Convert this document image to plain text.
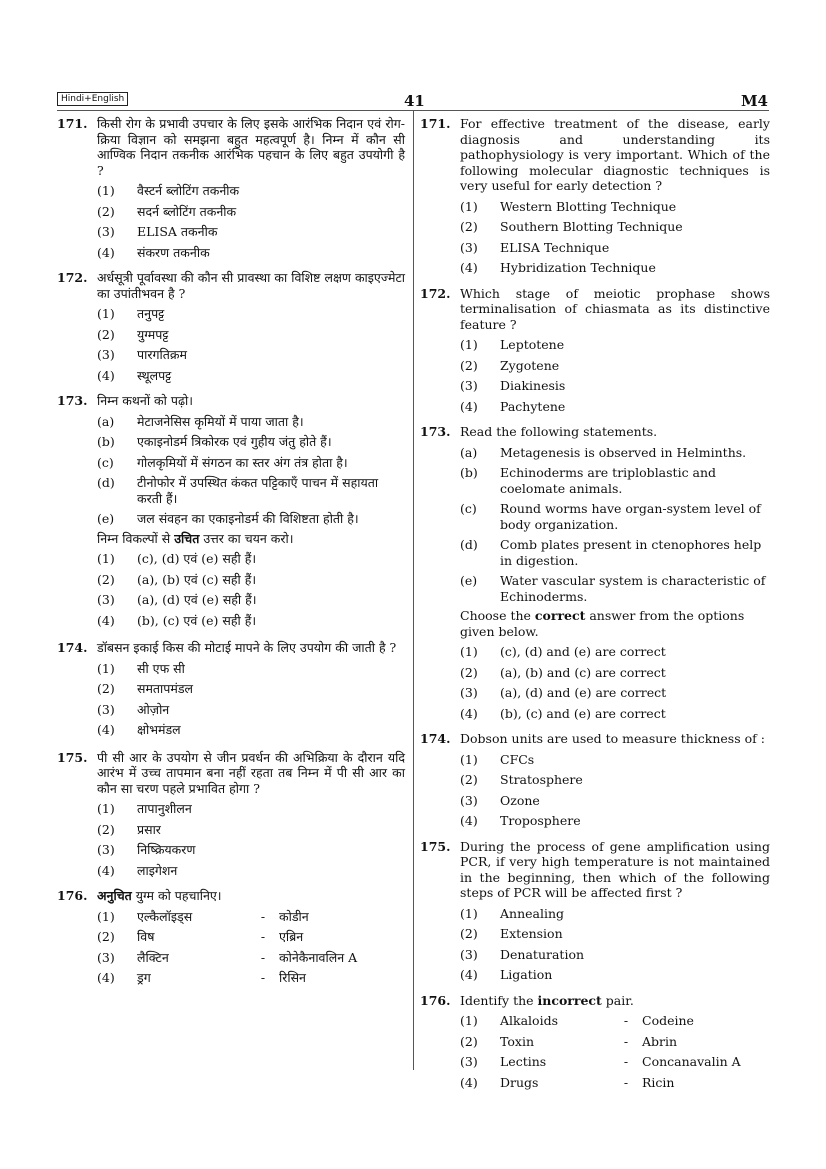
Hindi+English	41	M4
171. किसी रोग के प्रभावी उपचार के लिए इसके आरंभिक निदान एवं रोग-क्रिया विज्ञान को समझना बहुत महत्वपूर्ण है। निम्न में कौन सी आण्विक निदान तकनीक आरंभिक पहचान के लिए बहुत उपयोगी है ?
(1)	वैस्टर्न ब्लोटिंग तकनीक
(2)	सदर्न ब्लोटिंग तकनीक
(3)	ELISA तकनीक
(4)	संकरण तकनीक
172. अर्धसूत्री पूर्वावस्था की कौन सी प्रावस्था का विशिष्ट लक्षण काइएज्मेटा का उपांतीभवन है ?
(1)	तनुपट्ट
(2)	युग्मपट्ट
(3)	पारगतिक्रम
(4)	स्थूलपट्ट
173. निम्न कथनों को पढ़ो।
(a)	मेटाजनेसिस कृमियों में पाया जाता है।
(b)	एकाइनोडर्म त्रिकोरक एवं गुहीय जंतु होते हैं।
(c)	गोलकृमियों में संगठन का स्तर अंग तंत्र होता है।
(d)	टीनोफोर में उपस्थित कंकत पट्टिकाएँ पाचन में सहायता करती हैं।
(e)	जल संवहन का एकाइनोडर्म की विशिष्टता होती है।
निम्न विकल्पों से उचित उत्तर का चयन करो।
(1)	(c), (d) एवं (e) सही हैं।
(2)	(a), (b) एवं (c) सही हैं।
(3)	(a), (d) एवं (e) सही हैं।
(4)	(b), (c) एवं (e) सही हैं।
174. डॉबसन इकाई किस की मोटाई मापने के लिए उपयोग की जाती है ?
(1)	सी एफ सी
(2)	समतापमंडल
(3)	ओज़ोन
(4)	क्षोभमंडल
175. पी सी आर के उपयोग से जीन प्रवर्धन की अभिक्रिया के दौरान यदि आरंभ में उच्च तापमान बना नहीं रहता तब निम्न में पी सी आर का कौन सा चरण पहले प्रभावित होगा ?
(1)	तापानुशीलन
(2)	प्रसार
(3)	निष्क्रियकरण
(4)	लाइगेशन
176. अनुचित युग्म को पहचानिए।
(1)	एल्कैलॉइड्स	-	कोडीन
(2)	विष	-	एब्रिन
(3)	लैक्टिन	-	कोनेकैनावलिन A
(4)	ड्रग	-	रिसिन
171. For effective treatment of the disease, early diagnosis and understanding its pathophysiology is very important. Which of the following molecular diagnostic techniques is very useful for early detection ?
(1)	Western Blotting Technique
(2)	Southern Blotting Technique
(3)	ELISA Technique
(4)	Hybridization Technique
172. Which stage of meiotic prophase shows terminalisation of chiasmata as its distinctive feature ?
(1)	Leptotene
(2)	Zygotene
(3)	Diakinesis
(4)	Pachytene
173. Read the following statements.
(a)	Metagenesis is observed in Helminths.
(b)	Echinoderms are triploblastic and coelomate animals.
(c)	Round worms have organ-system level of body organization.
(d)	Comb plates present in ctenophores help in digestion.
(e)	Water vascular system is characteristic of Echinoderms.
Choose the correct answer from the options given below.
(1)	(c), (d) and (e) are correct
(2)	(a), (b) and (c) are correct
(3)	(a), (d) and (e) are correct
(4)	(b), (c) and (e) are correct
174. Dobson units are used to measure thickness of :
(1)	CFCs
(2)	Stratosphere
(3)	Ozone
(4)	Troposphere
175. During the process of gene amplification using PCR, if very high temperature is not maintained in the beginning, then which of the following steps of PCR will be affected first ?
(1)	Annealing
(2)	Extension
(3)	Denaturation
(4)	Ligation
176. Identify the incorrect pair.
(1)	Alkaloids	-	Codeine
(2)	Toxin	-	Abrin
(3)	Lectins	-	Concanavalin A
(4)	Drugs	-	Ricin
